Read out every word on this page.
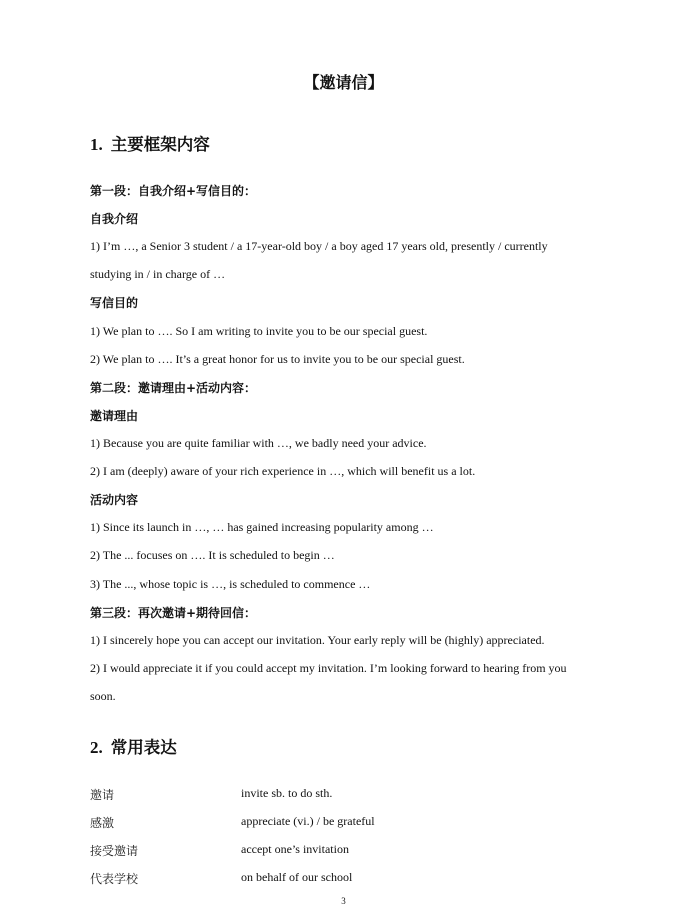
【邀请信】
1. 主要框架内容
第一段：自我介绍+写信目的：
自我介绍
1) I’m …, a Senior 3 student / a 17-year-old boy / a boy aged 17 years old, presently / currently
studying in / in charge of …
写信目的
1) We plan to …. So I am writing to invite you to be our special guest.
2) We plan to …. It’s a great honor for us to invite you to be our special guest.
第二段：邀请理由+活动内容：
邀请理由
1) Because you are quite familiar with …, we badly need your advice.
2) I am (deeply) aware of your rich experience in …, which will benefit us a lot.
活动内容
1) Since its launch in …, … has gained increasing popularity among …
2) The ... focuses on …. It is scheduled to begin …
3) The ..., whose topic is …, is scheduled to commence …
第三段：再次邀请+期待回信：
1) I sincerely hope you can accept our invitation. Your early reply will be (highly) appreciated.
2) I would appreciate it if you could accept my invitation. I’m looking forward to hearing from you
soon.
2. 常用表达
邀请	invite sb. to do sth.
感激	appreciate (vi.) / be grateful
接受邀请	accept one’s invitation
代表学校	on behalf of our school
3
